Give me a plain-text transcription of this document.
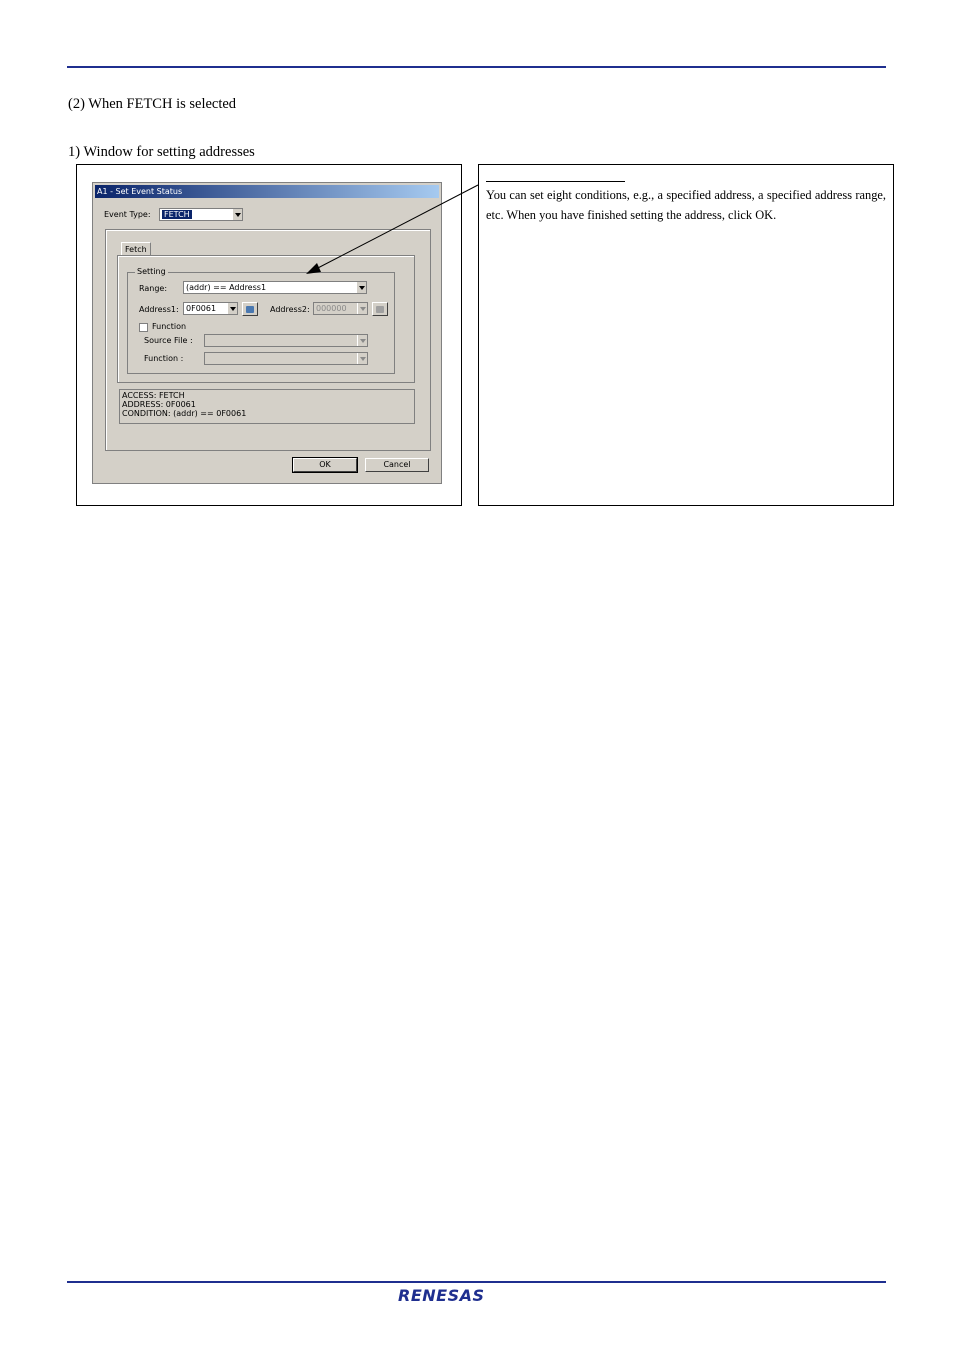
(2) When FETCH is selected
1) Window for setting addresses
A1 - Set Event Status
Event Type:	FETCH
Fetch
Setting
Range:	(addr) == Address1
Address1: 0F0061	Address2: 000000
Function
Source File :
Function :
ACCESS: FETCH
ADDRESS: 0F0061
CONDITION: (addr) == 0F0061
OK	Cancel
You can set eight conditions, e.g., a specified address, a specified address range, etc. When you have finished setting the address, click OK.
RENESAS
